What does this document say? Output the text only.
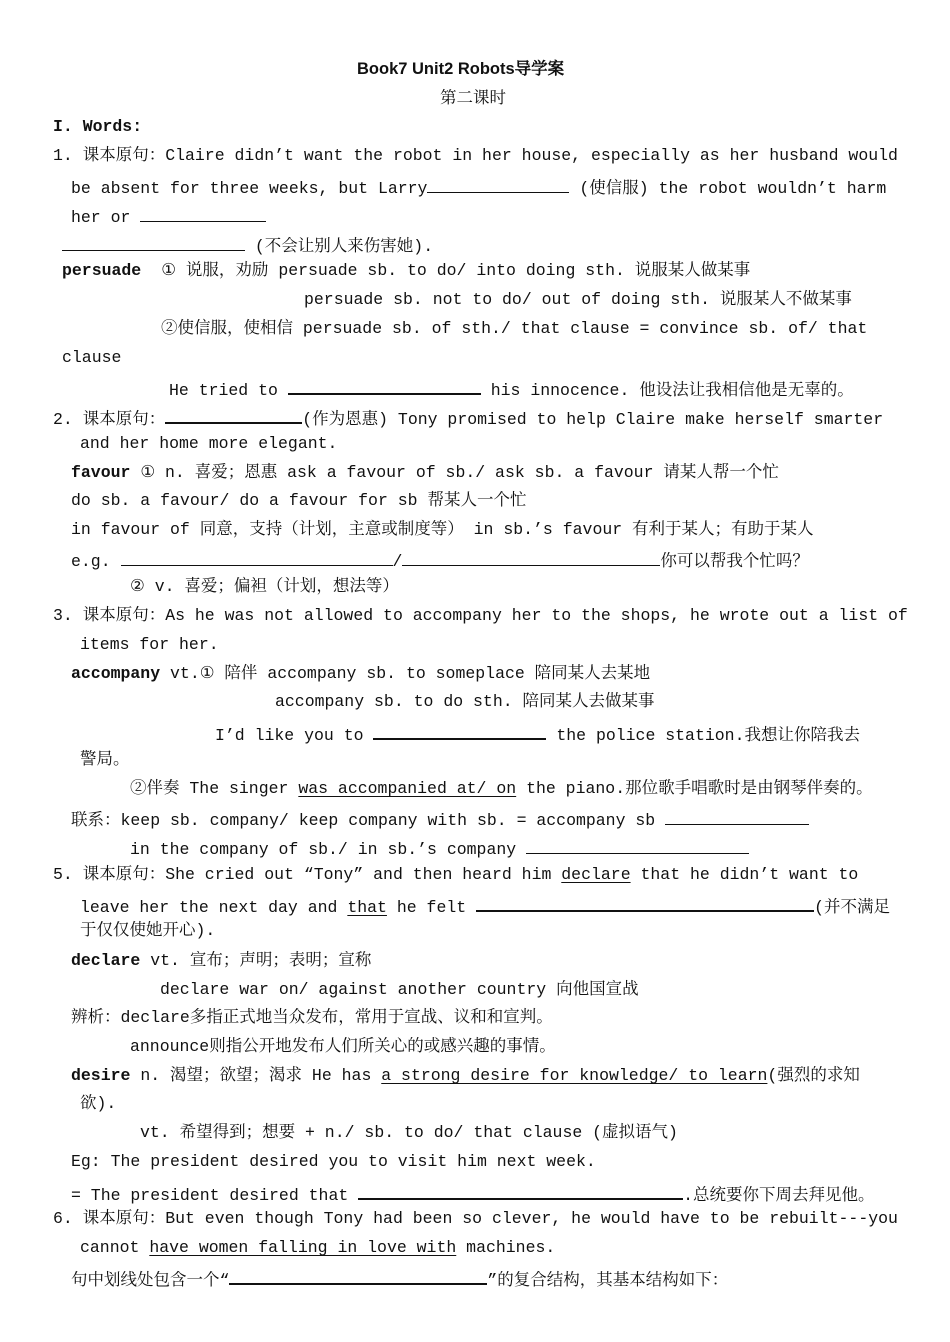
Book7 Unit2 Robots导学案
第二课时
I. Words:
1. 课本原句：Claire didn’t want the robot in her house, especially as her husband would
be absent for three weeks, but Larry	(使信服) the robot wouldn’t harm
her or
(不会让别人来伤害她).
persuade ① 说服，劝励 persuade sb. to do/ into doing sth. 说服某人做某事
persuade sb. not to do/ out of doing sth. 说服某人不做某事
②使信服，使相信 persuade sb. of sth./ that clause = convince sb. of/ that
clause
He tried to	his innocence. 他设法让我相信他是无辜的。
2. 课本原句：	(作为恩惠) Tony promised to help Claire make herself smarter
and her home more elegant.
favour ① n. 喜爱；恩惠 ask a favour of sb./ ask sb. a favour 请某人帮一个忙
do sb. a favour/ do a favour for sb 帮某人一个忙
in favour of 同意，支持（计划，主意或制度等） in sb.’s favour 有利于某人；有助于某人
e.g.	/	你可以帮我个忙吗？
② v. 喜爱；偏袒（计划，想法等）
3. 课本原句：As he was not allowed to accompany her to the shops, he wrote out a list of
items for her.
accompany vt.① 陪伴 accompany sb. to someplace 陪同某人去某地
accompany sb. to do sth. 陪同某人去做某事
I’d like you to	the police station.我想让你陪我去
警局。
②伴奏 The singer was accompanied at/ on the piano.那位歌手唱歌时是由钢琴伴奏的。
联系：keep sb. company/ keep company with sb. = accompany sb
in the company of sb./ in sb.’s company
5. 课本原句：She cried out “Tony” and then heard him declare that he didn’t want to
leave her the next day and that he felt	(并不满足
于仅仅使她开心).
declare vt. 宣布；声明；表明；宣称
declare war on/ against another country 向他国宣战
辨析：declare多指正式地当众发布，常用于宣战、议和和宣判。
announce则指公开地发布人们所关心的或感兴趣的事情。
desire n. 渴望；欲望；渴求 He has a strong desire for knowledge/ to learn(强烈的求知
欲).
vt. 希望得到；想要 + n./ sb. to do/ that clause (虚拟语气)
Eg: The president desired you to visit him next week.
= The president desired that	.总统要你下周去拜见他。
6. 课本原句：But even though Tony had been so clever, he would have to be rebuilt---you
cannot have women falling in love with machines.
句中划线处包含一个“	”的复合结构，其基本结构如下：
